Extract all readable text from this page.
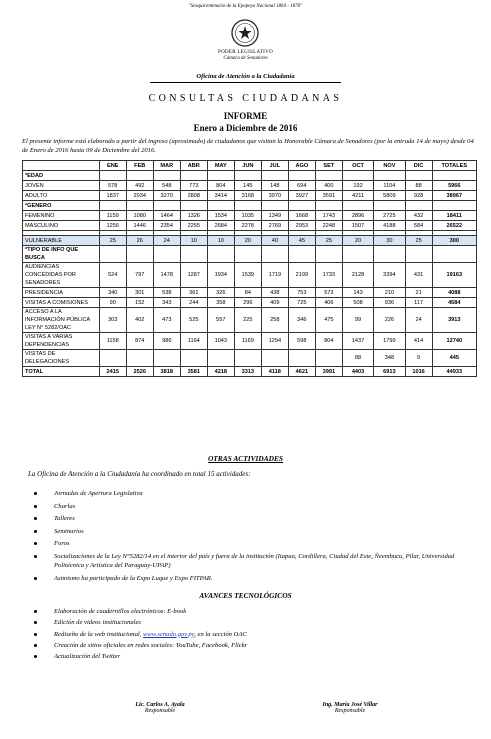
"Sesquicentenario de la Epopeya Nacional 1864 - 1870"
PODER LEGISLATIVO
Cámara de Senadores
Oficina de Atención a la Ciudadanía
CONSULTAS CIUDADANAS
INFORME
Enero a Diciembre de 2016
El presente informe está elaborado a partir del ingreso (aproximado) de ciudadanos que visitan la Honorable Cámara de Senadores (por la entrada 14 de mayo) desde 04 de Enero de 2016 hasta 09 de Diciembre del 2016.
	ENE	FEB	MAR	ABR	MAY	JUN	JUL	AGO	SET	OCT	NOV	DIC	TOTALES
*EDAD													
JOVEN	578	492	548	773	804	145	148	694	400	192	1104	88	5966
ADULTO	1837	2034	3270	2808	3414	3168	3970	3927	3591	4211	5809	928	38967
*GENERO													
FEMENINO	1159	1080	1464	1326	1534	1035	1349	1668	1743	2896	2725	432	18411
MASCULINO	1256	1446	2354	2255	2684	2278	2769	2953	2248	1507	4188	584	26522

VULNERABLE	25	26	24	10	10	20	40	45	25	20	30	25	300
*TIPO DE INFO QUE BUSCA													
AUDIENCIAS CONCEDIDAS POR SENADORES	524	797	1478	1287	1934	1539	1719	2199	1733	2128	3394	431	19163
PRESIDENCIA	340	301	538	361	326	84	438	753	573	143	210	21	4088
VISITAS A COMISIONES	90	152	343	244	358	296	409	725	406	508	936	117	4584
ACCESO A LA INFORMACIÓN PÚBLICA LEY N° 5282/OAC	303	402	473	525	557	225	258	346	475	99	226	24	3913
VISITAS A VARIAS DEPENDENCIAS	1158	874	986	1164	1043	1169	1294	598	804	1437	1799	414	12740
VISITAS DE DELEGACIONES										88	348	9	445
TOTAL	2415	2526	3818	3581	4218	3313	4118	4621	3991	4403	6913	1016	44933
OTRAS ACTIVIDADES
La Oficina de Atención a la Ciudadanía ha coordinado en total 15 actividades:
Jornadas de Apertura Legislativa
Charlas
Talleres
Seminarios
Foros
Socializaciones de la Ley N°5282/14 en el interior del país y fuera de la institución (Itapua, Cordillera, Ciudad del Este, Ñeembucu, Pilar, Universidad Politécnica y Artística del Paraguay-UPAP)
Asimismo ha participado de la Expo Luque y Expo FITPAR.
AVANCES TECNOLÓGICOS
Elaboración de cuadernillos electrónicos: E-book
Edición de videos institucionales
Rediseño de la web institucional, www.senado.gov.py, en la sección OAC
Creación de sitios oficiales en redes sociales: YouTube, Facebook, Flickr
Actualización del Twitter
Lic. Carlos A. Ayala
Responsable
Ing. María José Villar
Responsable
